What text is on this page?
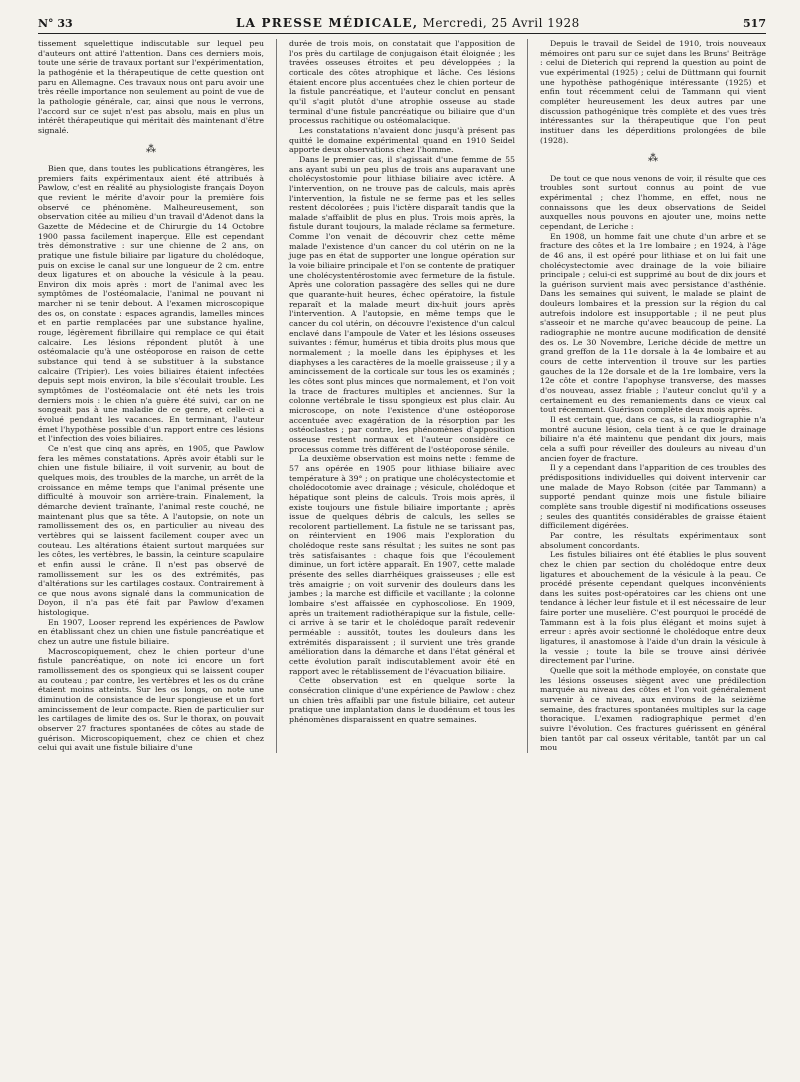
N° 33	LA PRESSE MÉDICALE, Mercredi, 25 Avril 1928	517

tissement squelettique indiscutable sur lequel peu d'auteurs ont attiré l'attention. Dans ces derniers mois, toute une série de travaux portant sur l'expérimentation, la pathogénie et la thérapeutique de cette question ont paru en Allemagne. Ces travaux nous ont paru avoir une très réelle importance non seulement au point de vue de la pathologie générale, car, ainsi que nous le verrons, l'accord sur ce sujet n'est pas absolu, mais en plus un intérêt thérapeutique qui méritait dès maintenant d'être signalé.

⁂

Bien que, dans toutes les publications étrangères, les premiers faits expérimentaux aient été attribués à Pawlow, c'est en réalité au physiologiste français Doyon que revient le mérite d'avoir pour la première fois observé ce phénomène. Malheureusement, son observation citée au milieu d'un travail d'Adenot dans la Gazette de Médecine et de Chirurgie du 14 Octobre 1900 passa facilement inaperçue. Elle est cependant très démonstrative : sur une chienne de 2 ans, on pratique une fistule biliaire par ligature du cholédoque, puis on excise le canal sur une longueur de 2 cm. entre deux ligatures et on abouche la vésicule à la peau. Environ dix mois après : mort de l'animal avec les symptômes de l'ostéomalacie, l'animal ne pouvant ni marcher ni se tenir debout. A l'examen microscopique des os, on constate : espaces agrandis, lamelles minces et en partie remplacées par une substance hyaline, rouge, légèrement fibrillaire qui remplace ce qui était calcaire. Les lésions répondent plutôt à une ostéomalacie qu'à une ostéoporose en raison de cette substance qui tend à se substituer à la substance calcaire (Tripier). Les voies biliaires étaient infectées depuis sept mois environ, la bile s'écoulait trouble. Les symptômes de l'ostéomalacie ont été nets les trois derniers mois : le chien n'a guère été suivi, car on ne songeait pas à une maladie de ce genre, et celle-ci a évolué pendant les vacances. En terminant, l'auteur émet l'hypothèse possible d'un rapport entre ces lésions et l'infection des voies biliaires.

Ce n'est que cinq ans après, en 1905, que Pawlow fera les mêmes constatations. Après avoir établi sur le chien une fistule biliaire, il voit survenir, au bout de quelques mois, des troubles de la marche, un arrêt de la croissance en même temps que l'animal présente une difficulté à mouvoir son arrière-train. Finalement, la démarche devient traînante, l'animal reste couché, ne maintenant plus que sa tête. A l'autopsie, on note un ramollissement des os, en particulier au niveau des vertèbres qui se laissent facilement couper avec un couteau. Les altérations étaient surtout marquées sur les côtes, les vertèbres, le bassin, la ceinture scapulaire et enfin aussi le crâne. Il n'est pas observé de ramollissement sur les os des extrémités, pas d'altérations sur les cartilages costaux. Contrairement à ce que nous avons signalé dans la communication de Doyon, il n'a pas été fait par Pawlow d'examen histologique.

En 1907, Looser reprend les expériences de Pawlow en établissant chez un chien une fistule pancréatique et chez un autre une fistule biliaire.

Macroscopiquement, chez le chien porteur d'une fistule pancréatique, on note ici encore un fort ramollissement des os spongieux qui se laissent couper au couteau ; par contre, les vertèbres et les os du crâne étaient moins atteints. Sur les os longs, on note une diminution de consistance de leur spongieuse et un fort amincissement de leur compacte. Rien de particulier sur les cartilages de limite des os. Sur le thorax, on pouvait observer 27 fractures spontanées de côtes au stade de guérison. Microscopiquement, chez ce chien et chez celui qui avait une fistule biliaire d'une

durée de trois mois, on constatait que l'apposition de l'os près du cartilage de conjugaison était éloignée ; les travées osseuses étroites et peu développées ; la corticale des côtes atrophique et lâche. Ces lésions étaient encore plus accentuées chez le chien porteur de la fistule pancréatique, et l'auteur conclut en pensant qu'il s'agit plutôt d'une atrophie osseuse au stade terminal d'une fistule pancréatique ou biliaire que d'un processus rachitique ou ostéomalacique.

Les constatations n'avaient donc jusqu'à présent pas quitté le domaine expérimental quand en 1910 Seidel apporte deux observations chez l'homme.

Dans le premier cas, il s'agissait d'une femme de 55 ans ayant subi un peu plus de trois ans auparavant une cholécystostomie pour lithiase biliaire avec ictère. A l'intervention, on ne trouve pas de calculs, mais après l'intervention, la fistule ne se ferme pas et les selles restent décolorées ; puis l'ictère disparaît tandis que la malade s'affaiblit de plus en plus. Trois mois après, la fistule durant toujours, la malade réclame sa fermeture. Comme l'on venait de découvrir chez cette même malade l'existence d'un cancer du col utérin on ne la juge pas en état de supporter une longue opération sur la voie biliaire principale et l'on se contente de pratiquer une cholécystentérostomie avec fermeture de la fistule. Après une coloration passagère des selles qui ne dure que quarante-huit heures, échec opératoire, la fistule reparaît et la malade meurt dix-huit jours après l'intervention. A l'autopsie, en même temps que le cancer du col utérin, on découvre l'existence d'un calcul enclavé dans l'ampoule de Vater et les lésions osseuses suivantes : fémur, humérus et tibia droits plus mous que normalement ; la moelle dans les épiphyses et les diaphyses a les caractères de la moelle graisseuse ; il y a amincissement de la corticale sur tous les os examinés ; les côtes sont plus minces que normalement, et l'on voit la trace de fractures multiples et anciennes. Sur la colonne vertébrale le tissu spongieux est plus clair. Au microscope, on note l'existence d'une ostéoporose accentuée avec exagération de la résorption par les ostéoclastes ; par contre, les phénomènes d'apposition osseuse restent normaux et l'auteur considère ce processus comme très différent de l'ostéoporose sénile.

La deuxième observation est moins nette : femme de 57 ans opérée en 1905 pour lithiase biliaire avec température à 39° ; on pratique une cholécystectomie et cholédocotomie avec drainage ; vésicule, cholédoque et hépatique sont pleins de calculs. Trois mois après, il existe toujours une fistule biliaire importante ; après issue de quelques débris de calculs, les selles se recolorent partiellement. La fistule ne se tarissant pas, on réintervient en 1906 mais l'exploration du cholédoque reste sans résultat ; les suites ne sont pas très satisfaisantes : chaque fois que l'écoulement diminue, un fort ictère apparaît. En 1907, cette malade présente des selles diarrhéiques graisseuses ; elle est très amaigrie ; on voit survenir des douleurs dans les jambes ; la marche est difficile et vacillante ; la colonne lombaire s'est affaissée en cyphoscoliose. En 1909, après un traitement radiothérapique sur la fistule, celle-ci arrive à se tarir et le cholédoque paraît redevenir perméable : aussitôt, toutes les douleurs dans les extrémités disparaissent ; il survient une très grande amélioration dans la démarche et dans l'état général et cette évolution paraît indiscutablement avoir été en rapport avec le rétablissement de l'évacuation biliaire.

Cette observation est en quelque sorte la consécration clinique d'une expérience de Pawlow : chez un chien très affaibli par une fistule biliaire, cet auteur pratique une implantation dans le duodénum et tous les phénomènes disparaissent en quatre semaines.

Depuis le travail de Seidel de 1910, trois nouveaux mémoires ont paru sur ce sujet dans les Bruns' Beiträge : celui de Dieterich qui reprend la question au point de vue expérimental (1925) ; celui de Düttmann qui fournit une hypothèse pathogénique intéressante (1925) et enfin tout récemment celui de Tammann qui vient compléter heureusement les deux autres par une discussion pathogénique très complète et des vues très intéressantes sur la thérapeutique que l'on peut instituer dans les déperditions prolongées de bile (1928).

⁂

De tout ce que nous venons de voir, il résulte que ces troubles sont surtout connus au point de vue expérimental ; chez l'homme, en effet, nous ne connaissons que les deux observations de Seidel auxquelles nous pouvons en ajouter une, moins nette cependant, de Leriche :

En 1908, un homme fait une chute d'un arbre et se fracture des côtes et la 1re lombaire ; en 1924, à l'âge de 46 ans, il est opéré pour lithiase et on lui fait une cholécystectomie avec drainage de la voie biliaire principale ; celui-ci est supprimé au bout de dix jours et la guérison survient mais avec persistance d'asthénie. Dans les semaines qui suivent, le malade se plaint de douleurs lombaires et la pression sur la région du cal autrefois indolore est insupportable ; il ne peut plus s'asseoir et ne marche qu'avec beaucoup de peine. La radiographie ne montre aucune modification de densité des os. Le 30 Novembre, Leriche décide de mettre un grand greffon de la 11e dorsale à la 4e lombaire et au cours de cette intervention il trouve sur les parties gauches de la 12e dorsale et de la 1re lombaire, vers la 12e côte et contre l'apophyse transverse, des masses d'os nouveau, assez friable ; l'auteur conclut qu'il y a certainement eu des remaniements dans ce vieux cal tout récemment. Guérison complète deux mois après.

Il est certain que, dans ce cas, si la radiographie n'a montré aucune lésion, cela tient à ce que le drainage biliaire n'a été maintenu que pendant dix jours, mais cela a suffi pour réveiller des douleurs au niveau d'un ancien foyer de fracture.

Il y a cependant dans l'apparition de ces troubles des prédispositions individuelles qui doivent intervenir car une malade de Mayo Robson (citée par Tammann) a supporté pendant quinze mois une fistule biliaire complète sans trouble digestif ni modifications osseuses ; seules des quantités considérables de graisse étaient difficilement digérées.

Par contre, les résultats expérimentaux sont absolument concordants.

Les fistules biliaires ont été établies le plus souvent chez le chien par section du cholédoque entre deux ligatures et abouchement de la vésicule à la peau. Ce procédé présente cependant quelques inconvénients dans les suites post-opératoires car les chiens ont une tendance à lécher leur fistule et il est nécessaire de leur faire porter une muselière. C'est pourquoi le procédé de Tammann est à la fois plus élégant et moins sujet à erreur : après avoir sectionné le cholédoque entre deux ligatures, il anastomose à l'aide d'un drain la vésicule à la vessie ; toute la bile se trouve ainsi dérivée directement par l'urine.

Quelle que soit la méthode employée, on constate que les lésions osseuses siègent avec une prédilection marquée au niveau des côtes et l'on voit généralement survenir à ce niveau, aux environs de la seizième semaine, des fractures spontanées multiples sur la cage thoracique. L'examen radiographique permet d'en suivre l'évolution. Ces fractures guérissent en général bien tantôt par cal osseux véritable, tantôt par un cal mou
